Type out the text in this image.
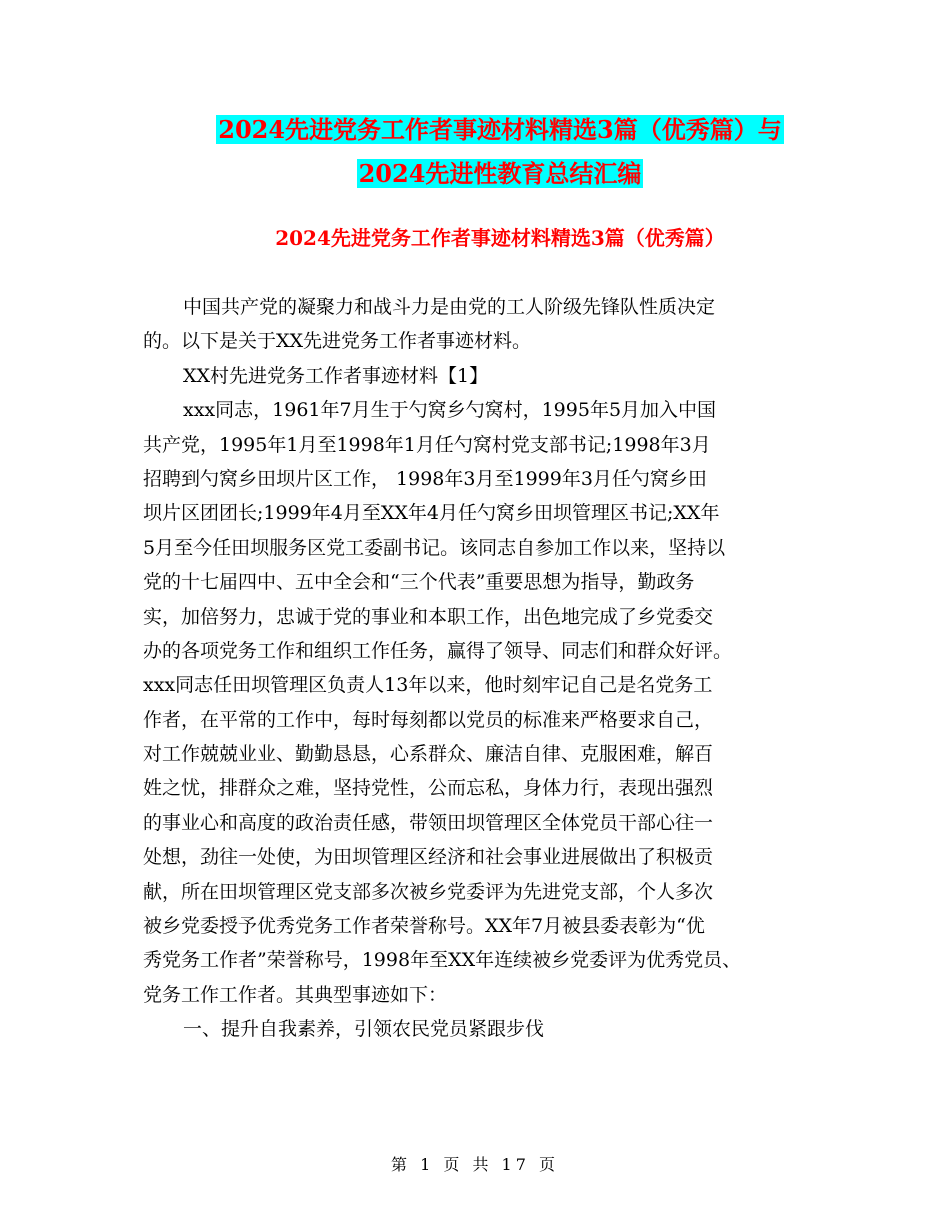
2024先进党务工作者事迹材料精选3篇（优秀篇）与
2024先进性教育总结汇编
2024先进党务工作者事迹材料精选3篇（优秀篇）
中国共产党的凝聚力和战斗力是由党的工人阶级先锋队性质决定
的。以下是关于XX先进党务工作者事迹材料。
XX村先进党务工作者事迹材料【1】
xxx同志，1961年7月生于勺窝乡勺窝村，1995年5月加入中国
共产党，1995年1月至1998年1月任勺窝村党支部书记;1998年3月
招聘到勺窝乡田坝片区工作， 1998年3月至1999年3月任勺窝乡田
坝片区团团长;1999年4月至XX年4月任勺窝乡田坝管理区书记;XX年
5月至今任田坝服务区党工委副书记。该同志自参加工作以来，坚持以
党的十七届四中、五中全会和“三个代表”重要思想为指导，勤政务
实，加倍努力，忠诚于党的事业和本职工作，出色地完成了乡党委交
办的各项党务工作和组织工作任务，赢得了领导、同志们和群众好评。
xxx同志任田坝管理区负责人13年以来，他时刻牢记自己是名党务工
作者，在平常的工作中，每时每刻都以党员的标准来严格要求自己，
对工作兢兢业业、勤勤恳恳，心系群众、廉洁自律、克服困难，解百
姓之忧，排群众之难，坚持党性，公而忘私，身体力行，表现出强烈
的事业心和高度的政治责任感，带领田坝管理区全体党员干部心往一
处想，劲往一处使，为田坝管理区经济和社会事业进展做出了积极贡
献，所在田坝管理区党支部多次被乡党委评为先进党支部，个人多次
被乡党委授予优秀党务工作者荣誉称号。XX年7月被县委表彰为“优
秀党务工作者”荣誉称号，1998年至XX年连续被乡党委评为优秀党员、
党务工作工作者。其典型事迹如下：
一、提升自我素养，引领农民党员紧跟步伐
第 1 页 共 17 页
